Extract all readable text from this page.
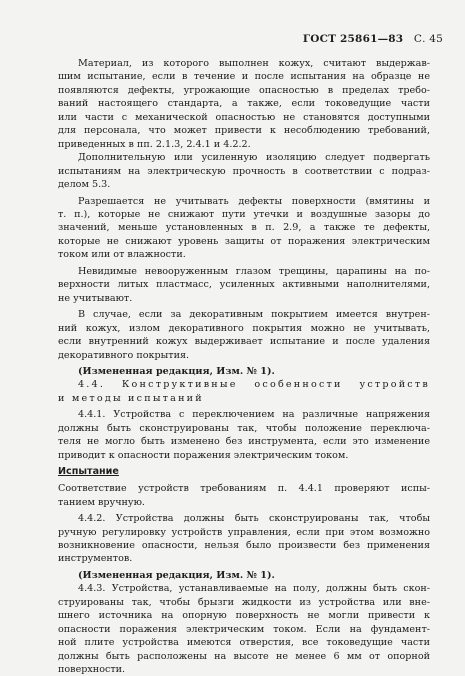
ГОСТ 25861—83 С. 45
Материал, из которого выполнен кожух, считают выдержав-
шим испытание, если в течение и после испытания на образце не
появляются дефекты, угрожающие опасностью в пределах требо-
ваний настоящего стандарта, а также, если токоведущие части
или части с механической опасностью не становятся доступными
для персонала, что может привести к несоблюдению требований,
приведенных в пп. 2.1.3, 2.4.1 и 4.2.2.
Дополнительную или усиленную изоляцию следует подвергать
испытаниям на электрическую прочность в соответствии с подраз-
делом 5.3.
Разрешается не учитывать дефекты поверхности (вмятины и
т. п.), которые не снижают пути утечки и воздушные зазоры до
значений, меньше установленных в п. 2.9, а также те дефекты,
которые не снижают уровень защиты от поражения электрическим
током или от влажности.
Невидимые невооруженным глазом трещины, царапины на по-
верхности литых пластмасс, усиленных активными наполнителями,
не учитывают.
В случае, если за декоративным покрытием имеется внутрен-
ний кожух, излом декоративного покрытия можно не учитывать,
если внутренний кожух выдерживает испытание и после удаления
декоративного покрытия.
(Измененная редакция, Изм. № 1).
4.4. Конструктивные особенности устройств
и методы испытаний
4.4.1. Устройства с переключением на различные напряжения
должны быть сконструированы так, чтобы положение переключа-
теля не могло быть изменено без инструмента, если это изменение
приводит к опасности поражения электрическим током.
Испытание
Соответствие устройств требованиям п. 4.4.1 проверяют испы-
танием вручную.
4.4.2. Устройства должны быть сконструированы так, чтобы
ручную регулировку устройств управления, если при этом возможно
возникновение опасности, нельзя было произвести без применения
инструментов.
(Измененная редакция, Изм. № 1).
4.4.3. Устройства, устанавливаемые на полу, должны быть скон-
струированы так, чтобы брызги жидкости из устройства или вне-
шнего источника на опорную поверхность не могли привести к
опасности поражения электрическим током. Если на фундамент-
ной плите устройства имеются отверстия, все токоведущие части
должны быть расположены на высоте не менее 6 мм от опорной
поверхности.
